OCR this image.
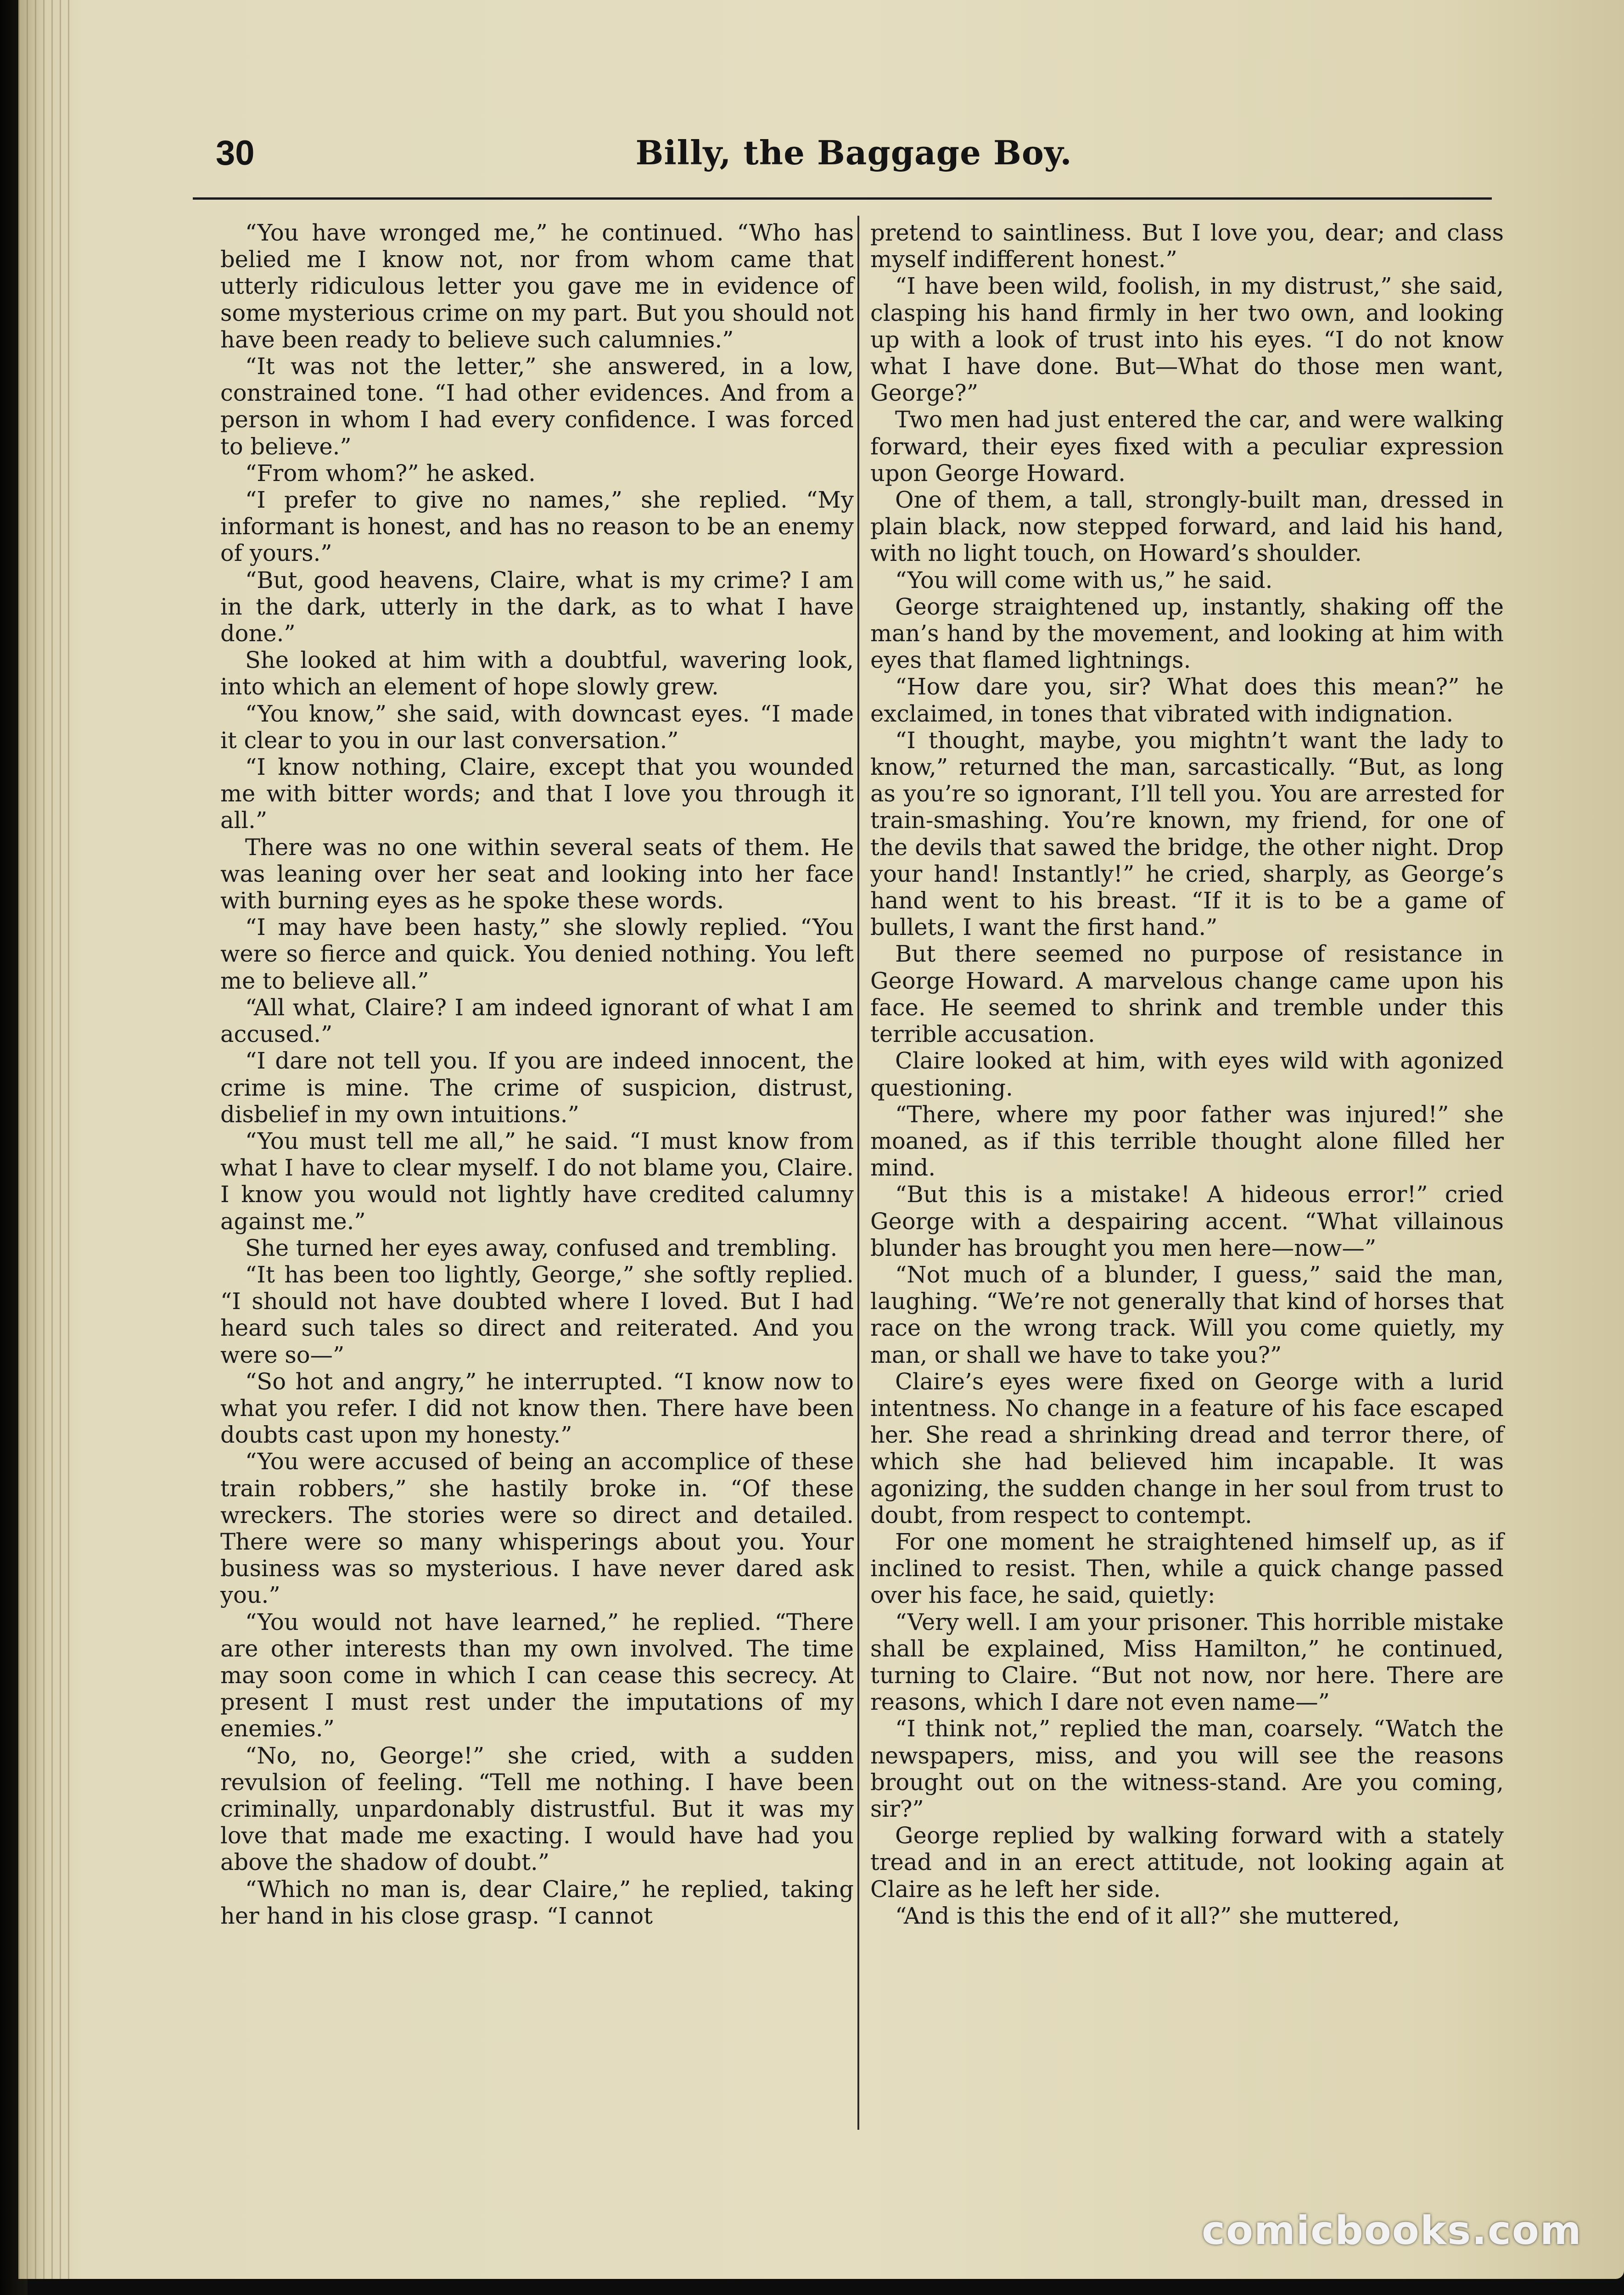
30	Billy, the Baggage Boy.

“You have wronged me,” he continued. “Who has belied me I know not, nor from whom came that utterly ridiculous letter you gave me in evidence of some mysterious crime on my part. But you should not have been ready to believe such calumnies.”

“It was not the letter,” she answered, in a low, constrained tone. “I had other evidences. And from a person in whom I had every confidence. I was forced to believe.”

“From whom?” he asked.

“I prefer to give no names,” she replied. “My informant is honest, and has no reason to be an enemy of yours.”

“But, good heavens, Claire, what is my crime? I am in the dark, utterly in the dark, as to what I have done.”

She looked at him with a doubtful, wavering look, into which an element of hope slowly grew.

“You know,” she said, with downcast eyes. “I made it clear to you in our last conversation.”

“I know nothing, Claire, except that you wounded me with bitter words; and that I love you through it all.”

There was no one within several seats of them. He was leaning over her seat and looking into her face with burning eyes as he spoke these words.

“I may have been hasty,” she slowly replied. “You were so fierce and quick. You denied nothing. You left me to believe all.”

“All what, Claire? I am indeed ignorant of what I am accused.”

“I dare not tell you. If you are indeed innocent, the crime is mine. The crime of suspicion, distrust, disbelief in my own intuitions.”

“You must tell me all,” he said. “I must know from what I have to clear myself. I do not blame you, Claire. I know you would not lightly have credited calumny against me.”

She turned her eyes away, confused and trembling.

“It has been too lightly, George,” she softly replied. “I should not have doubted where I loved. But I had heard such tales so direct and reiterated. And you were so—”

“So hot and angry,” he interrupted. “I know now to what you refer. I did not know then. There have been doubts cast upon my honesty.”

“You were accused of being an accomplice of these train robbers,” she hastily broke in. “Of these wreckers. The stories were so direct and detailed. There were so many whisperings about you. Your business was so mysterious. I have never dared ask you.”

“You would not have learned,” he replied. “There are other interests than my own involved. The time may soon come in which I can cease this secrecy. At present I must rest under the imputations of my enemies.”

“No, no, George!” she cried, with a sudden revulsion of feeling. “Tell me nothing. I have been criminally, unpardonably distrustful. But it was my love that made me exacting. I would have had you above the shadow of doubt.”

“Which no man is, dear Claire,” he replied, taking her hand in his close grasp. “I cannot

pretend to saintliness. But I love you, dear; and class myself indifferent honest.”

“I have been wild, foolish, in my distrust,” she said, clasping his hand firmly in her two own, and looking up with a look of trust into his eyes. “I do not know what I have done. But—What do those men want, George?”

Two men had just entered the car, and were walking forward, their eyes fixed with a peculiar expression upon George Howard.

One of them, a tall, strongly-built man, dressed in plain black, now stepped forward, and laid his hand, with no light touch, on Howard’s shoulder.

“You will come with us,” he said.

George straightened up, instantly, shaking off the man’s hand by the movement, and looking at him with eyes that flamed lightnings.

“How dare you, sir? What does this mean?” he exclaimed, in tones that vibrated with indignation.

“I thought, maybe, you mightn’t want the lady to know,” returned the man, sarcastically. “But, as long as you’re so ignorant, I’ll tell you. You are arrested for train-smashing. You’re known, my friend, for one of the devils that sawed the bridge, the other night. Drop your hand! Instantly!” he cried, sharply, as George’s hand went to his breast. “If it is to be a game of bullets, I want the first hand.”

But there seemed no purpose of resistance in George Howard. A marvelous change came upon his face. He seemed to shrink and tremble under this terrible accusation.

Claire looked at him, with eyes wild with agonized questioning.

“There, where my poor father was injured!” she moaned, as if this terrible thought alone filled her mind.

“But this is a mistake! A hideous error!” cried George with a despairing accent. “What villainous blunder has brought you men here—now—”

“Not much of a blunder, I guess,” said the man, laughing. “We’re not generally that kind of horses that race on the wrong track. Will you come quietly, my man, or shall we have to take you?”

Claire’s eyes were fixed on George with a lurid intentness. No change in a feature of his face escaped her. She read a shrinking dread and terror there, of which she had believed him incapable. It was agonizing, the sudden change in her soul from trust to doubt, from respect to contempt.

For one moment he straightened himself up, as if inclined to resist. Then, while a quick change passed over his face, he said, quietly:

“Very well. I am your prisoner. This horrible mistake shall be explained, Miss Hamilton,” he continued, turning to Claire. “But not now, nor here. There are reasons, which I dare not even name—”

“I think not,” replied the man, coarsely. “Watch the newspapers, miss, and you will see the reasons brought out on the witness-stand. Are you coming, sir?”

George replied by walking forward with a stately tread and in an erect attitude, not looking again at Claire as he left her side.

“And is this the end of it all?” she muttered,

comicbooks.com
